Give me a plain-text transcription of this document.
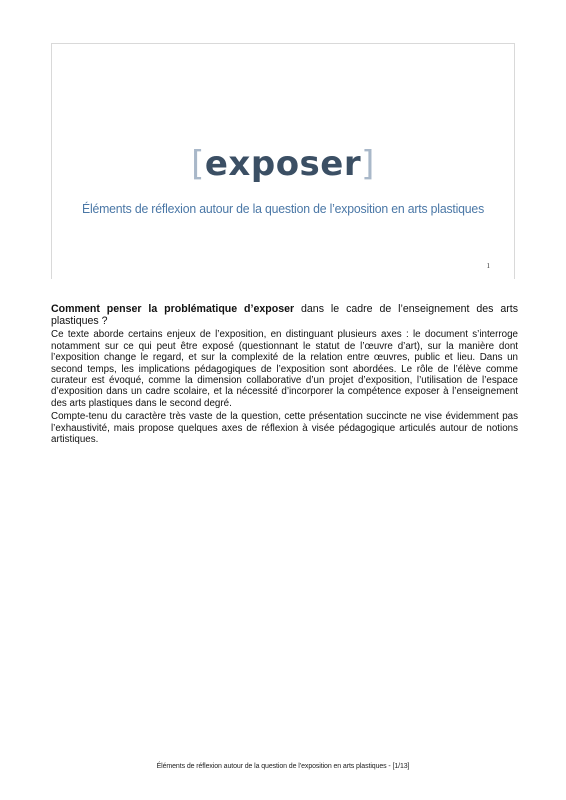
[exposer]
Éléments de réflexion autour de la question de l’exposition en arts plastiques
1

Comment penser la problématique d’exposer dans le cadre de l’enseignement des arts plastiques ?

Ce texte aborde certains enjeux de l’exposition, en distinguant plusieurs axes : le document s’interroge notamment sur ce qui peut être exposé (questionnant le statut de l’œuvre d’art), sur la manière dont l’exposition change le regard, et sur la complexité de la relation entre œuvres, public et lieu. Dans un second temps, les implications pédagogiques de l’exposition sont abordées. Le rôle de l’élève comme curateur est évoqué, comme la dimension collaborative d’un projet d’exposition, l’utilisation de l’espace d’exposition dans un cadre scolaire, et la nécessité d’incorporer la compétence exposer à l’enseignement des arts plastiques dans le second degré.

Compte-tenu du caractère très vaste de la question, cette présentation succincte ne vise évidemment pas l’exhaustivité, mais propose quelques axes de réflexion à visée pédagogique articulés autour de notions artistiques.

Éléments de réflexion autour de la question de l’exposition en arts plastiques - [1/13]
